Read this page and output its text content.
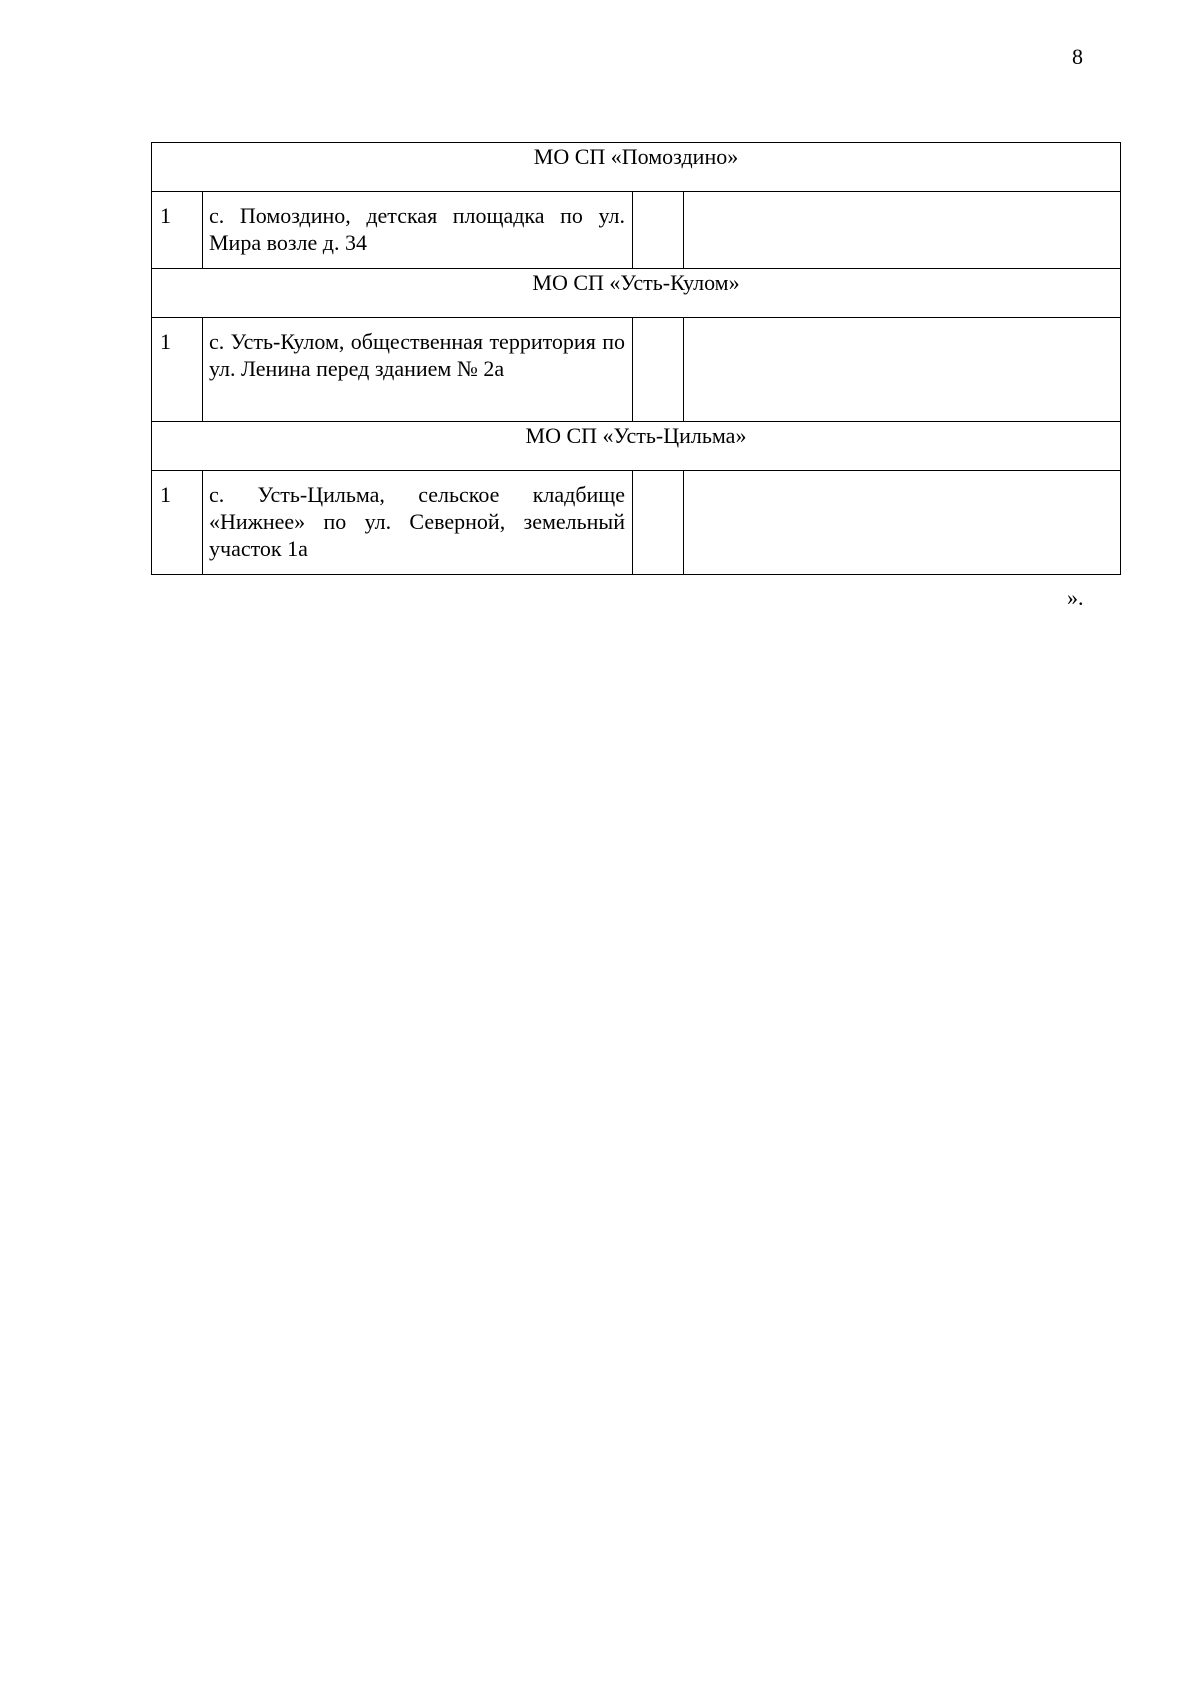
8
МО СП «Помоздино»			
1	с. Помоздино, детская площадка по ул. Мира возле д. 34		
МО СП «Усть-Кулом»			
1	с. Усть-Кулом, общественная территория по ул. Ленина перед зданием № 2а		
МО СП «Усть-Цильма»			
1	с. Усть-Цильма, сельское кладбище «Нижнее» по ул. Северной, земельный участок 1а		
».
